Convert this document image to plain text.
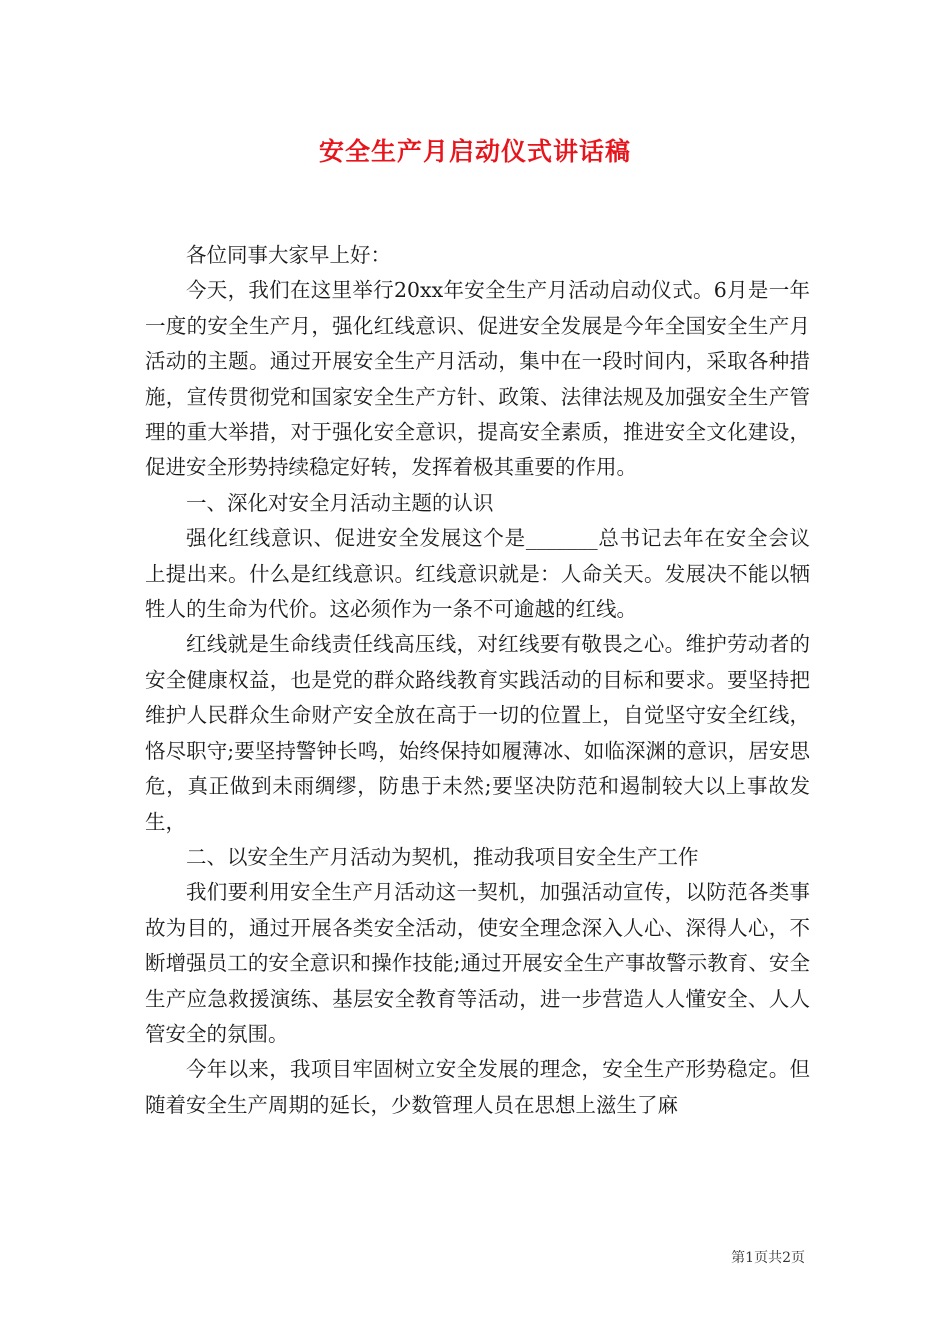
安全生产月启动仪式讲话稿

各位同事大家早上好：

今天，我们在这里举行20xx年安全生产月活动启动仪式。6月是一年一度的安全生产月，强化红线意识、促进安全发展是今年全国安全生产月活动的主题。通过开展安全生产月活动，集中在一段时间内，采取各种措施，宣传贯彻党和国家安全生产方针、政策、法律法规及加强安全生产管理的重大举措，对于强化安全意识，提高安全素质，推进安全文化建设，促进安全形势持续稳定好转，发挥着极其重要的作用。

一、深化对安全月活动主题的认识

强化红线意识、促进安全发展这个是_______总书记去年在安全会议上提出来。什么是红线意识。红线意识就是：人命关天。发展决不能以牺牲人的生命为代价。这必须作为一条不可逾越的红线。

红线就是生命线责任线高压线，对红线要有敬畏之心。维护劳动者的安全健康权益，也是党的群众路线教育实践活动的目标和要求。要坚持把维护人民群众生命财产安全放在高于一切的位置上，自觉坚守安全红线，恪尽职守;要坚持警钟长鸣，始终保持如履薄冰、如临深渊的意识，居安思危，真正做到未雨绸缪，防患于未然;要坚决防范和遏制较大以上事故发生，

二、以安全生产月活动为契机，推动我项目安全生产工作

我们要利用安全生产月活动这一契机，加强活动宣传，以防范各类事故为目的，通过开展各类安全活动，使安全理念深入人心、深得人心，不断增强员工的安全意识和操作技能;通过开展安全生产事故警示教育、安全生产应急救援演练、基层安全教育等活动，进一步营造人人懂安全、人人管安全的氛围。

今年以来，我项目牢固树立安全发展的理念，安全生产形势稳定。但随着安全生产周期的延长，少数管理人员在思想上滋生了麻

第1页共2页
